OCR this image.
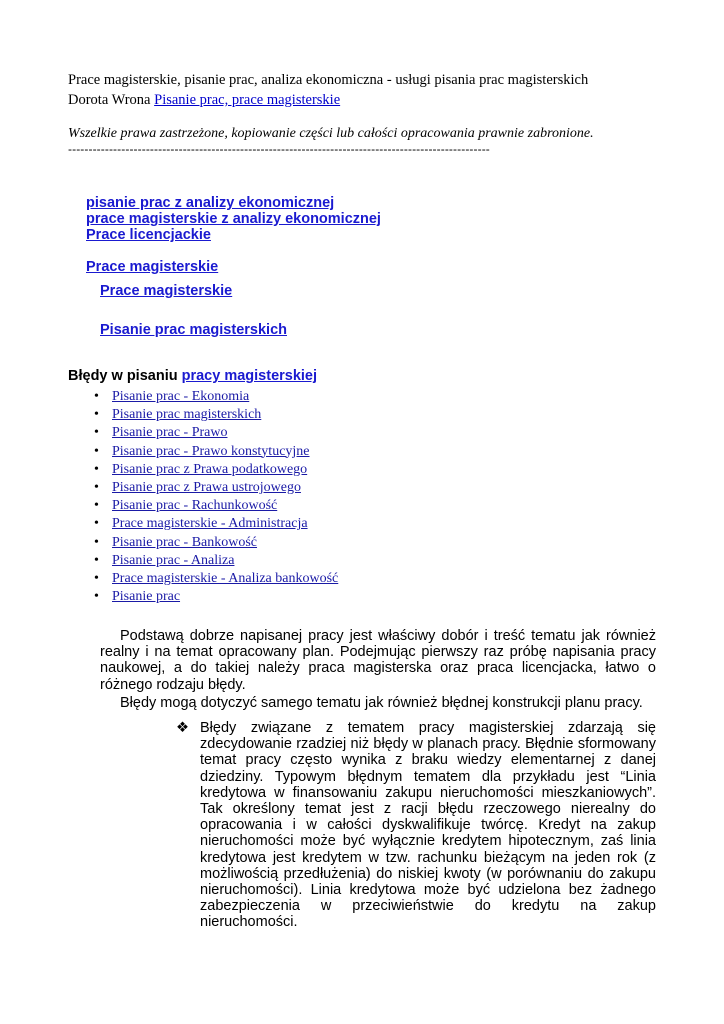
Prace magisterskie, pisanie prac, analiza ekonomiczna - usługi pisania prac magisterskich
Dorota Wrona Pisanie prac, prace magisterskie
Wszelkie prawa zastrzeżone, kopiowanie części lub całości opracowania prawnie zabronione.
-------------------------------------------------------------------------------------------------------
pisanie prac z analizy ekonomicznej
prace magisterskie z analizy ekonomicznej
Prace licencjackie
Prace magisterskie
Prace magisterskie
Pisanie prac magisterskich
Błędy w pisaniu pracy magisterskiej
• Pisanie prac - Ekonomia
• Pisanie prac magisterskich
• Pisanie prac - Prawo
• Pisanie prac - Prawo konstytucyjne
• Pisanie prac z Prawa podatkowego
• Pisanie prac z Prawa ustrojowego
• Pisanie prac - Rachunkowość
• Prace magisterskie - Administracja
• Pisanie prac - Bankowość
• Pisanie prac - Analiza
• Prace magisterskie - Analiza bankowość
• Pisanie prac
Podstawą dobrze napisanej pracy jest właściwy dobór i treść tematu jak również realny i na temat opracowany plan. Podejmując pierwszy raz próbę napisania pracy naukowej, a do takiej należy praca magisterska oraz praca licencjacka, łatwo o różnego rodzaju błędy.
Błędy mogą dotyczyć samego tematu jak również błędnej konstrukcji planu pracy.
❖ Błędy związane z tematem pracy magisterskiej zdarzają się zdecydowanie rzadziej niż błędy w planach pracy. Błędnie sformowany temat pracy często wynika z braku wiedzy elementarnej z danej dziedziny. Typowym błędnym tematem dla przykładu jest “Linia kredytowa w finansowaniu zakupu nieruchomości mieszkaniowych”. Tak określony temat jest z racji błędu rzeczowego nierealny do opracowania i w całości dyskwalifikuje twórcę. Kredyt na zakup nieruchomości może być wyłącznie kredytem hipotecznym, zaś linia kredytowa jest kredytem w tzw. rachunku bieżącym na jeden rok (z możliwością przedłużenia) do niskiej kwoty (w porównaniu do zakupu nieruchomości). Linia kredytowa może być udzielona bez żadnego zabezpieczenia w przeciwieństwie do kredytu na zakup nieruchomości.
